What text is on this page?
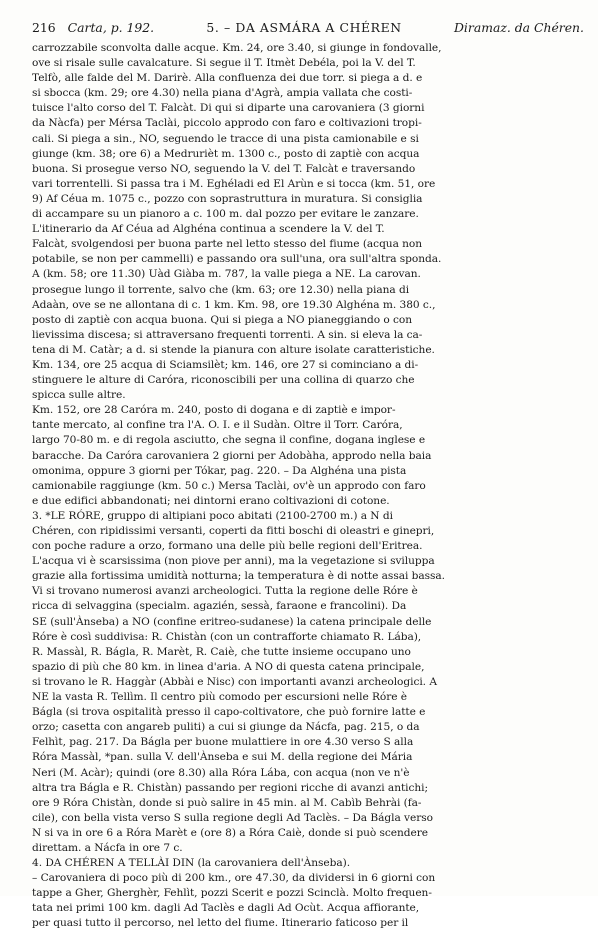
216 Carta, p. 192.	5. – DA ASMÁRA A CHÉREN	Diramaz. da Chéren.

carrozzabile sconvolta dalle acque. Km. 24, ore 3.40, si giunge in fondovalle,
ove si risale sulle cavalcature. Si segue il T. Itmèt Debéla, poi la V. del T.
Telfò, alle falde del M. Darirè. Alla confluenza dei due torr. si piega a d. e
si sbocca (km. 29; ore 4.30) nella piana d'Agrà, ampia vallata che costi-
tuisce l'alto corso del T. Falcàt. Di qui si diparte una carovaniera (3 giorni
da Nàcfa) per Mérsa Taclài, piccolo approdo con faro e coltivazioni tropi-
cali. Si piega a sin., NO, seguendo le tracce di una pista camionabile e si
giunge (km. 38; ore 6) a Medrurièt m. 1300 c., posto di zaptiè con acqua
buona. Si prosegue verso NO, seguendo la V. del T. Falcàt e traversando
vari torrentelli. Si passa tra i M. Eghéladi ed El Arùn e si tocca (km. 51, ore
9) Af Céua m. 1075 c., pozzo con soprastruttura in muratura. Si consiglia
di accampare su un pianoro a c. 100 m. dal pozzo per evitare le zanzare.

L'itinerario da Af Céua ad Alghéna continua a scendere la V. del T.
Falcàt, svolgendosi per buona parte nel letto stesso del fiume (acqua non
potabile, se non per cammelli) e passando ora sull'una, ora sull'altra sponda.
A (km. 58; ore 11.30) Uàd Giàba m. 787, la valle piega a NE. La carovan.
prosegue lungo il torrente, salvo che (km. 63; ore 12.30) nella piana di
Adaàn, ove se ne allontana di c. 1 km. Km. 98, ore 19.30 Alghéna m. 380 c.,
posto di zaptiè con acqua buona. Qui si piega a NO pianeggiando o con
lievissima discesa; si attraversano frequenti torrenti. A sin. si eleva la ca-
tena di M. Catàr; a d. si stende la pianura con alture isolate caratteristiche.
Km. 134, ore 25 acqua di Sciamsilèt; km. 146, ore 27 si cominciano a di-
stinguere le alture di Caróra, riconoscibili per una collina di quarzo che
spicca sulle altre.

Km. 152, ore 28 Caróra m. 240, posto di dogana e di zaptiè e impor-
tante mercato, al confine tra l'A. O. I. e il Sudàn. Oltre il Torr. Caróra,
largo 70-80 m. e di regola asciutto, che segna il confine, dogana inglese e
baracche. Da Caróra carovaniera 2 giorni per Adobàha, approdo nella baia
omonima, oppure 3 giorni per Tókar, pag. 220. – Da Alghéna una pista
camionabile raggiunge (km. 50 c.) Mersa Taclài, ov'è un approdo con faro
e due edifici abbandonati; nei dintorni erano coltivazioni di cotone.

3. *LE RÓRE, gruppo di altipiani poco abitati (2100-2700 m.) a N di
Chéren, con ripidissimi versanti, coperti da fitti boschi di oleastri e ginepri,
con poche radure a orzo, formano una delle più belle regioni dell'Eritrea.
L'acqua vi è scarsissima (non piove per anni), ma la vegetazione si sviluppa
grazie alla fortissima umidità notturna; la temperatura è di notte assai bassa.
Vi si trovano numerosi avanzi archeologici. Tutta la regione delle Róre è
ricca di selvaggina (specialm. agazién, sessà, faraone e francolini). Da
SE (sull'Ànseba) a NO (confine eritreo-sudanese) la catena principale delle
Róre è così suddivisa: R. Chistàn (con un contrafforte chiamato R. Lába),
R. Massàl, R. Bágla, R. Marèt, R. Caiè, che tutte insieme occupano uno
spazio di più che 80 km. in linea d'aria. A NO di questa catena principale,
si trovano le R. Haggàr (Abbài e Nisc) con importanti avanzi archeologici. A
NE la vasta R. Tellìm. Il centro più comodo per escursioni nelle Róre è
Bágla (si trova ospitalità presso il capo-coltivatore, che può fornire latte e
orzo; casetta con angareb puliti) a cui si giunge da Nácfa, pag. 215, o da
Felhìt, pag. 217. Da Bágla per buone mulattiere in ore 4.30 verso S alla
Róra Massàl, *pan. sulla V. dell'Ànseba e sui M. della regione dei Mária
Neri (M. Acàr); quindi (ore 8.30) alla Róra Lába, con acqua (non ve n'è
altra tra Bágla e R. Chistàn) passando per regioni ricche di avanzi antichi;
ore 9 Róra Chistàn, donde si può salire in 45 min. al M. Cabìb Behrài (fa-
cile), con bella vista verso S sulla regione degli Ad Taclès. – Da Bágla verso
N si va in ore 6 a Róra Marèt e (ore 8) a Róra Caiè, donde si può scendere
direttam. a Nácfa in ore 7 c.

4. DA CHÉREN A TELLÀI DIN (la carovaniera dell'Ànseba).
– Carovaniera di poco più di 200 km., ore 47.30, da dividersi in 6 giorni con
tappe a Gher, Gherghèr, Fehlìt, pozzi Scerit e pozzi Scinclà. Molto frequen-
tata nei primi 100 km. dagli Ad Taclès e dagli Ad Ocùt. Acqua affiorante,
per quasi tutto il percorso, nel letto del fiume. Itinerario faticoso per il
